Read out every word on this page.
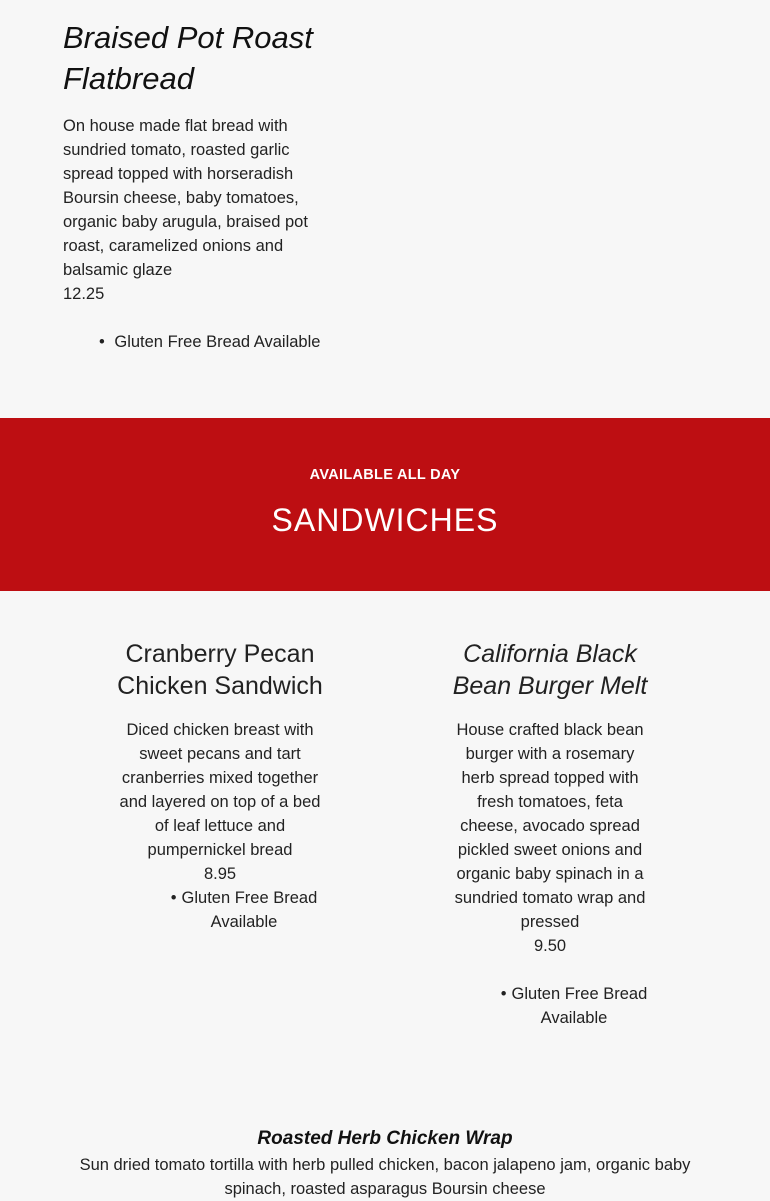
Braised Pot Roast
Flatbread
On house made flat bread with sundried tomato, roasted garlic spread topped with horseradish Boursin cheese, baby tomatoes, organic baby arugula, braised pot roast, caramelized onions and balsamic glaze
12.25
• Gluten Free Bread Available
AVAILABLE ALL DAY
SANDWICHES
Cranberry Pecan
Chicken Sandwich
Diced chicken breast with sweet pecans and tart cranberries mixed together and layered on top of a bed of leaf lettuce and pumpernickel bread
8.95
• Gluten Free Bread
Available
California Black
Bean Burger Melt
House crafted black bean burger with a rosemary herb spread topped with fresh tomatoes, feta cheese, avocado spread pickled sweet onions and organic baby spinach in a sundried tomato wrap and pressed
9.50
• Gluten Free Bread
Available
Roasted Herb Chicken Wrap
Sun dried tomato tortilla with herb pulled chicken, bacon jalapeno jam, organic baby
spinach, roasted asparagus Boursin cheese
